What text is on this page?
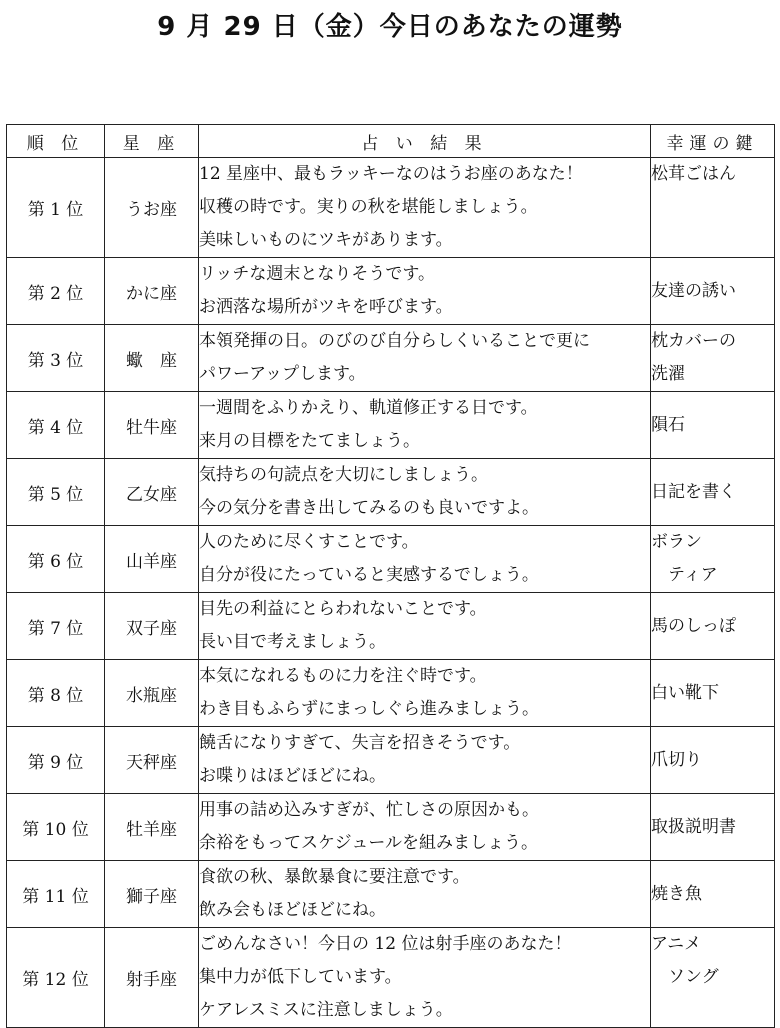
9 月 29 日（金）今日のあなたの運勢
順 位	星 座	占 い 結 果	幸運の鍵
第 1 位	うお座	12 星座中、最もラッキーなのはうお座のあなた！
収穫の時です。実りの秋を堪能しましょう。
美味しいものにツキがあります。	松茸ごはん

第 2 位	かに座	リッチな週末となりそうです。
お洒落な場所がツキを呼びます。	友達の誘い

第 3 位	蠍　座	本領発揮の日。のびのび自分らしくいることで更に
パワーアップします。	枕カバーの
洗濯

第 4 位	牡牛座	一週間をふりかえり、軌道修正する日です。
来月の目標をたてましょう。	隕石

第 5 位	乙女座	気持ちの句読点を大切にしましょう。
今の気分を書き出してみるのも良いですよ。	日記を書く

第 6 位	山羊座	人のために尽くすことです。
自分が役にたっていると実感するでしょう。	ボラン
　ティア

第 7 位	双子座	目先の利益にとらわれないことです。
長い目で考えましょう。	馬のしっぽ

第 8 位	水瓶座	本気になれるものに力を注ぐ時です。
わき目もふらずにまっしぐら進みましょう。	白い靴下

第 9 位	天秤座	饒舌になりすぎて、失言を招きそうです。
お喋りはほどほどにね。	爪切り

第 10 位	牡羊座	用事の詰め込みすぎが、忙しさの原因かも。
余裕をもってスケジュールを組みましょう。	取扱説明書

第 11 位	獅子座	食欲の秋、暴飲暴食に要注意です。
飲み会もほどほどにね。	焼き魚

第 12 位	射手座	ごめんなさい！今日の 12 位は射手座のあなた！
集中力が低下しています。
ケアレスミスに注意しましょう。	アニメ
　ソング
